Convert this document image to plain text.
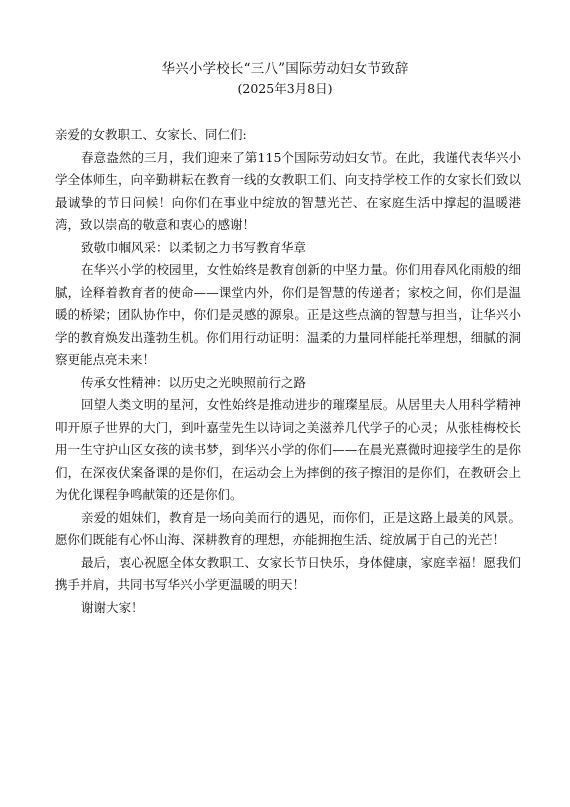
华兴小学校长“三八”国际劳动妇女节致辞
(2025年3月8日)

亲爱的女教职工、女家长、同仁们:

春意盎然的三月，我们迎来了第115个国际劳动妇女节。在此，我谨代表华兴小学全体师生，向辛勤耕耘在教育一线的女教职工们、向支持学校工作的女家长们致以最诚挚的节日问候！向你们在事业中绽放的智慧光芒、在家庭生活中撑起的温暖港湾，致以崇高的敬意和衷心的感谢！

致敬巾帼风采：以柔韧之力书写教育华章

在华兴小学的校园里，女性始终是教育创新的中坚力量。你们用春风化雨般的细腻，诠释着教育者的使命——课堂内外，你们是智慧的传递者；家校之间，你们是温暖的桥梁；团队协作中，你们是灵感的源泉。正是这些点滴的智慧与担当，让华兴小学的教育焕发出蓬勃生机。你们用行动证明：温柔的力量同样能托举理想，细腻的洞察更能点亮未来！

传承女性精神：以历史之光映照前行之路

回望人类文明的星河，女性始终是推动进步的璀璨星辰。从居里夫人用科学精神叩开原子世界的大门，到叶嘉莹先生以诗词之美滋养几代学子的心灵；从张桂梅校长用一生守护山区女孩的读书梦，到华兴小学的你们——在晨光熹微时迎接学生的是你们，在深夜伏案备课的是你们，在运动会上为摔倒的孩子擦泪的是你们，在教研会上为优化课程争鸣献策的还是你们。

亲爱的姐妹们，教育是一场向美而行的遇见，而你们，正是这路上最美的风景。愿你们既能有心怀山海、深耕教育的理想，亦能拥抱生活、绽放属于自己的光芒！

最后，衷心祝愿全体女教职工、女家长节日快乐，身体健康，家庭幸福！愿我们携手并肩，共同书写华兴小学更温暖的明天！

谢谢大家！
